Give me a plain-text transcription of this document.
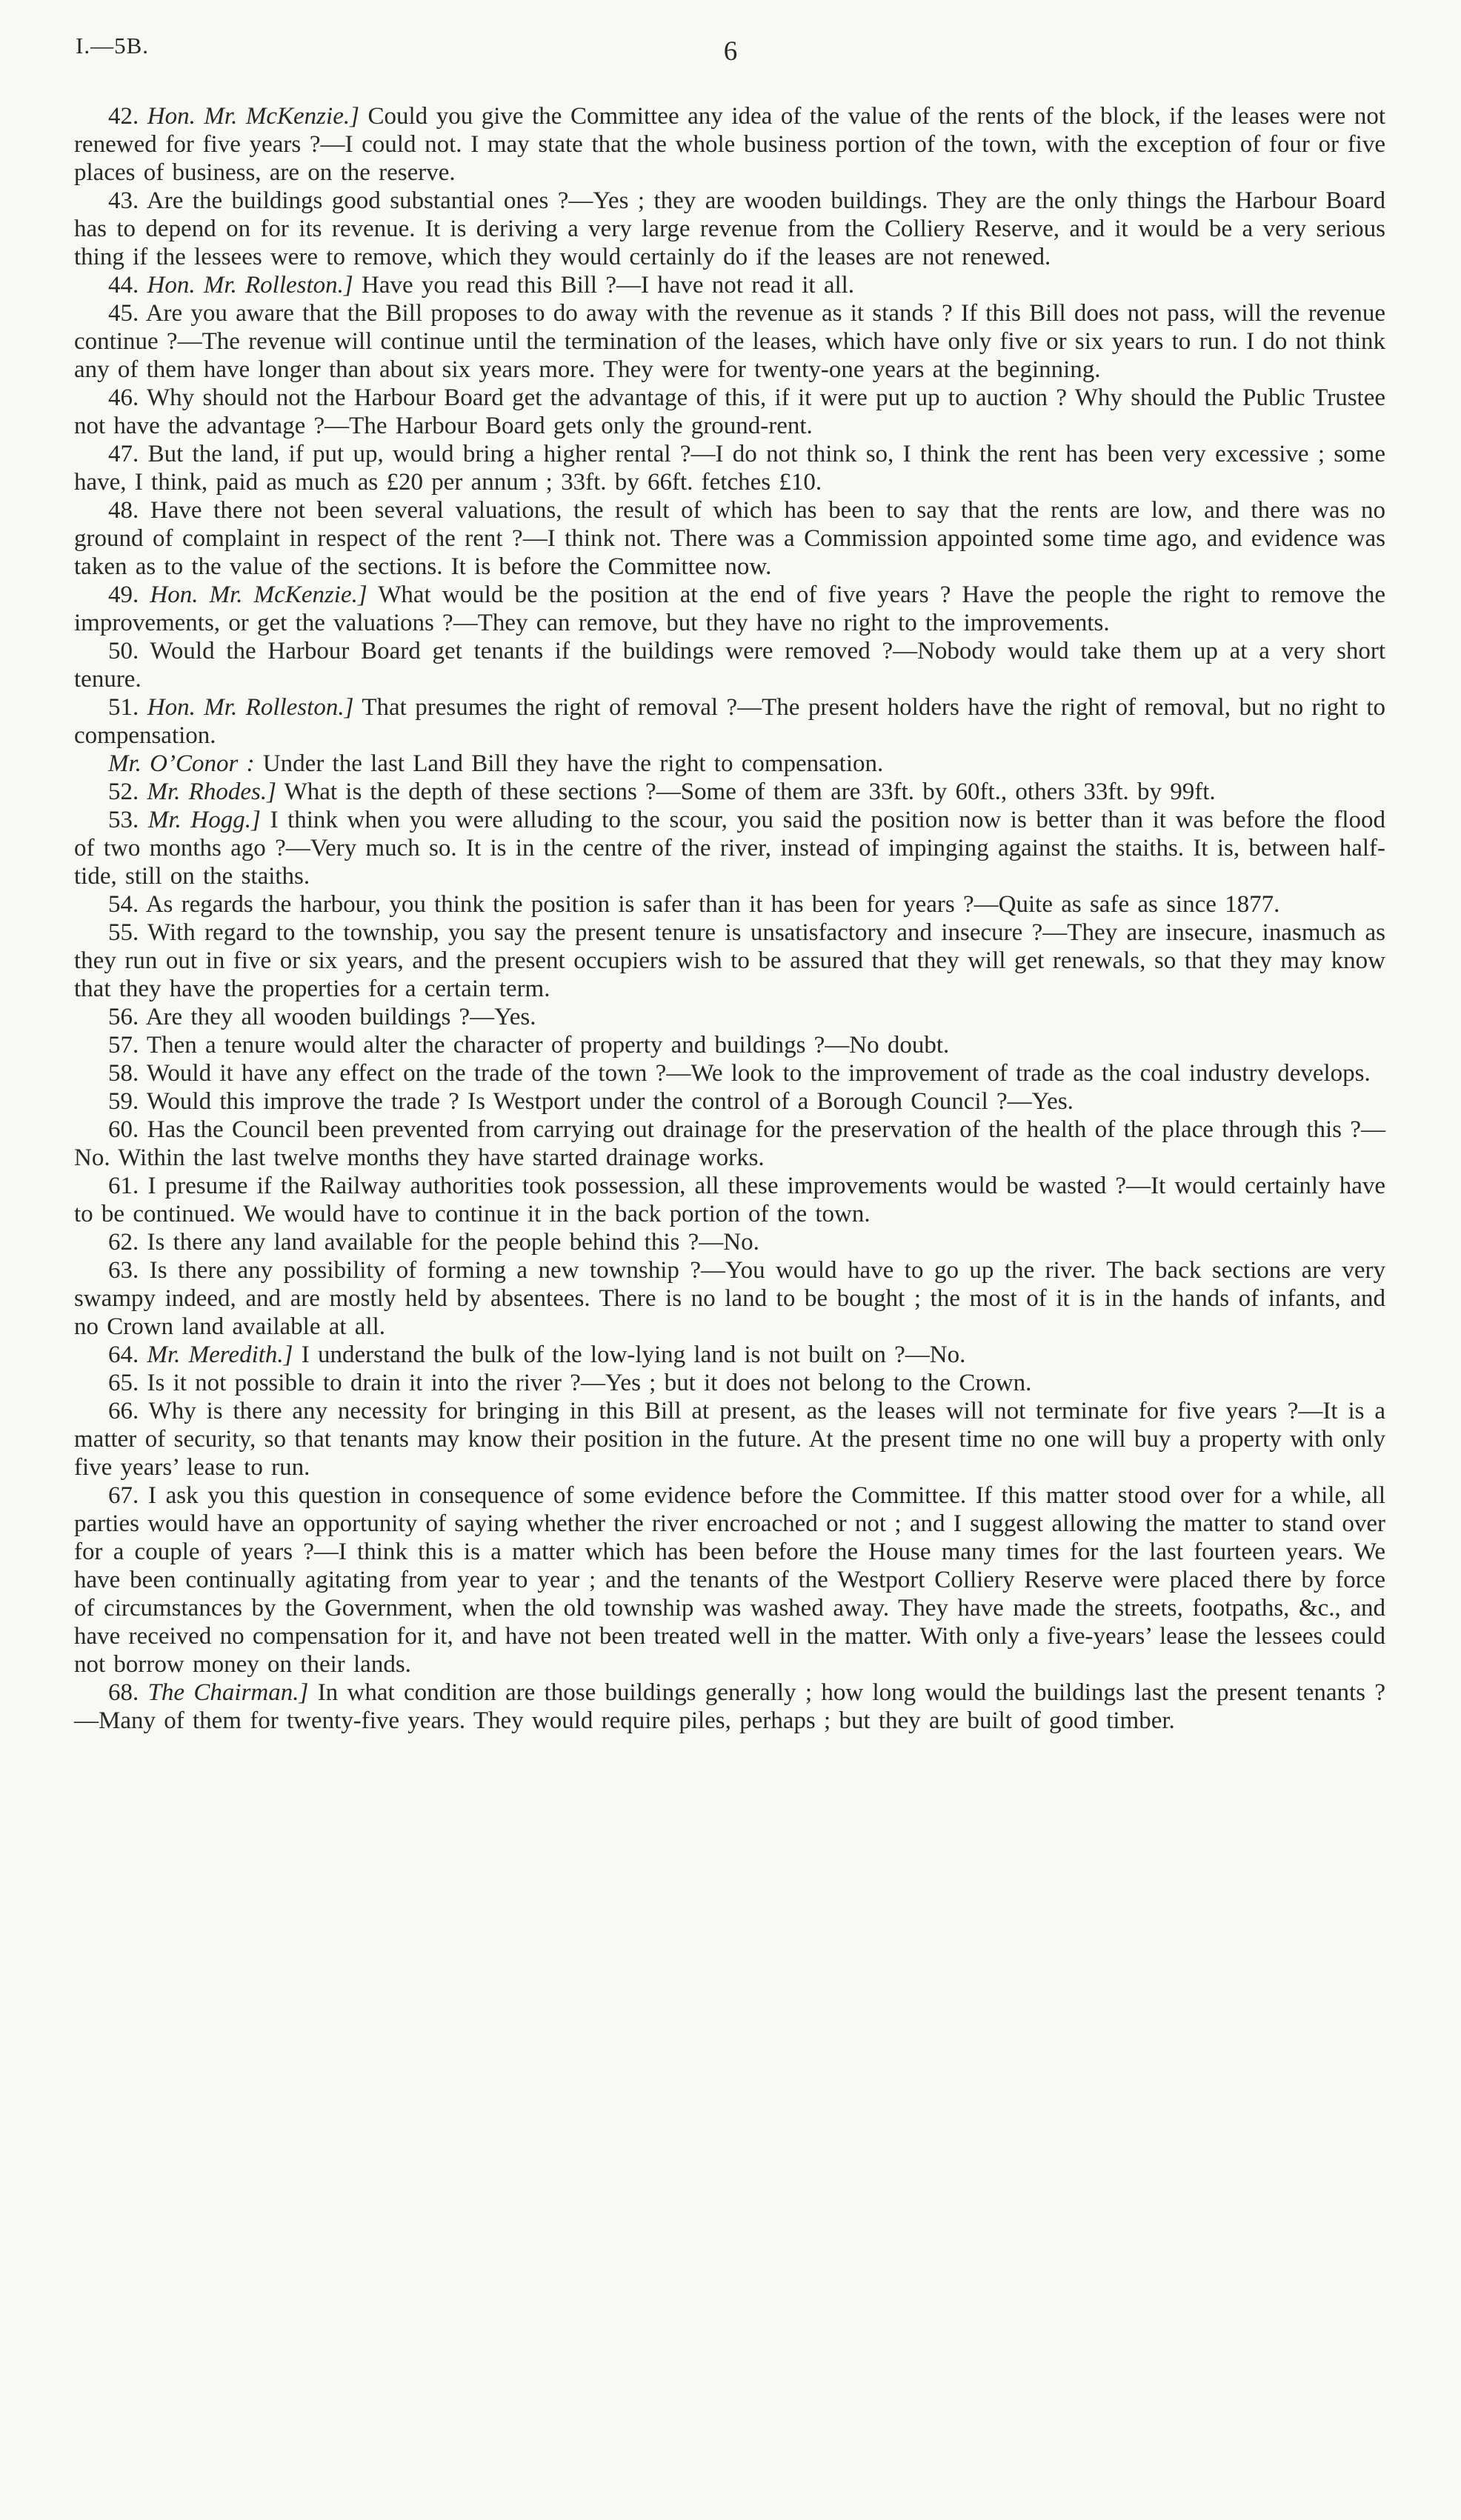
I.—5B.	6

42. Hon. Mr. McKenzie.] Could you give the Committee any idea of the value of the rents of the block, if the leases were not renewed for five years ?—I could not. I may state that the whole business portion of the town, with the exception of four or five places of business, are on the reserve.

43. Are the buildings good substantial ones ?—Yes ; they are wooden buildings. They are the only things the Harbour Board has to depend on for its revenue. It is deriving a very large revenue from the Colliery Reserve, and it would be a very serious thing if the lessees were to remove, which they would certainly do if the leases are not renewed.

44. Hon. Mr. Rolleston.] Have you read this Bill ?—I have not read it all.

45. Are you aware that the Bill proposes to do away with the revenue as it stands ? If this Bill does not pass, will the revenue continue ?—The revenue will continue until the termination of the leases, which have only five or six years to run. I do not think any of them have longer than about six years more. They were for twenty-one years at the beginning.

46. Why should not the Harbour Board get the advantage of this, if it were put up to auction ? Why should the Public Trustee not have the advantage ?—The Harbour Board gets only the ground-rent.

47. But the land, if put up, would bring a higher rental ?—I do not think so, I think the rent has been very excessive ; some have, I think, paid as much as £20 per annum ; 33ft. by 66ft. fetches £10.

48. Have there not been several valuations, the result of which has been to say that the rents are low, and there was no ground of complaint in respect of the rent ?—I think not. There was a Commission appointed some time ago, and evidence was taken as to the value of the sections. It is before the Committee now.

49. Hon. Mr. McKenzie.] What would be the position at the end of five years ? Have the people the right to remove the improvements, or get the valuations ?—They can remove, but they have no right to the improvements.

50. Would the Harbour Board get tenants if the buildings were removed ?—Nobody would take them up at a very short tenure.

51. Hon. Mr. Rolleston.] That presumes the right of removal ?—The present holders have the right of removal, but no right to compensation.

Mr. O’Conor : Under the last Land Bill they have the right to compensation.

52. Mr. Rhodes.] What is the depth of these sections ?—Some of them are 33ft. by 60ft., others 33ft. by 99ft.

53. Mr. Hogg.] I think when you were alluding to the scour, you said the position now is better than it was before the flood of two months ago ?—Very much so. It is in the centre of the river, instead of impinging against the staiths. It is, between half-tide, still on the staiths.

54. As regards the harbour, you think the position is safer than it has been for years ?—Quite as safe as since 1877.

55. With regard to the township, you say the present tenure is unsatisfactory and insecure ?—They are insecure, inasmuch as they run out in five or six years, and the present occupiers wish to be assured that they will get renewals, so that they may know that they have the properties for a certain term.

56. Are they all wooden buildings ?—Yes.

57. Then a tenure would alter the character of property and buildings ?—No doubt.

58. Would it have any effect on the trade of the town ?—We look to the improvement of trade as the coal industry develops.

59. Would this improve the trade ? Is Westport under the control of a Borough Council ?—Yes.

60. Has the Council been prevented from carrying out drainage for the preservation of the health of the place through this ?—No. Within the last twelve months they have started drainage works.

61. I presume if the Railway authorities took possession, all these improvements would be wasted ?—It would certainly have to be continued. We would have to continue it in the back portion of the town.

62. Is there any land available for the people behind this ?—No.

63. Is there any possibility of forming a new township ?—You would have to go up the river. The back sections are very swampy indeed, and are mostly held by absentees. There is no land to be bought ; the most of it is in the hands of infants, and no Crown land available at all.

64. Mr. Meredith.] I understand the bulk of the low-lying land is not built on ?—No.

65. Is it not possible to drain it into the river ?—Yes ; but it does not belong to the Crown.

66. Why is there any necessity for bringing in this Bill at present, as the leases will not terminate for five years ?—It is a matter of security, so that tenants may know their position in the future. At the present time no one will buy a property with only five years’ lease to run.

67. I ask you this question in consequence of some evidence before the Committee. If this matter stood over for a while, all parties would have an opportunity of saying whether the river encroached or not ; and I suggest allowing the matter to stand over for a couple of years ?—I think this is a matter which has been before the House many times for the last fourteen years. We have been continually agitating from year to year ; and the tenants of the Westport Colliery Reserve were placed there by force of circumstances by the Government, when the old township was washed away. They have made the streets, footpaths, &c., and have received no compensation for it, and have not been treated well in the matter. With only a five-years’ lease the lessees could not borrow money on their lands.

68. The Chairman.] In what condition are those buildings generally ; how long would the buildings last the present tenants ?—Many of them for twenty-five years. They would require piles, perhaps ; but they are built of good timber.
